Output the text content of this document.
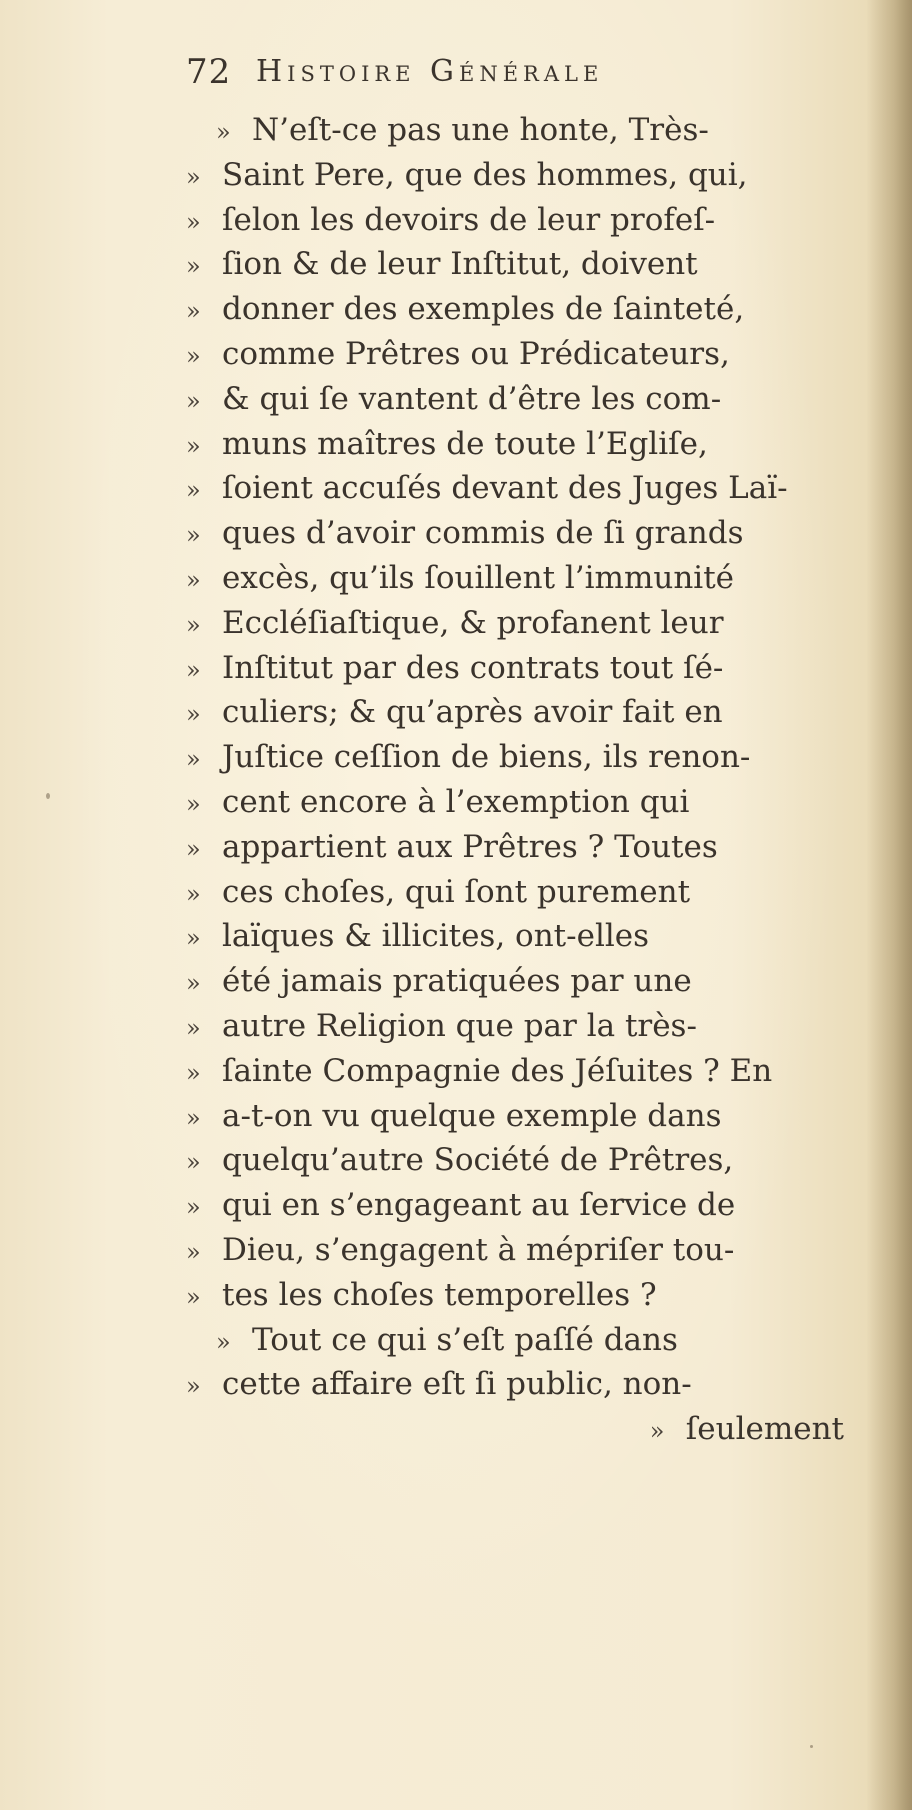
72 Histoire Générale
» N’eſt-ce pas une honte, Très-
» Saint Pere, que des hommes, qui,
» ſelon les devoirs de leur profeſ-
» ſion & de leur Inſtitut, doivent
» donner des exemples de ſainteté,
» comme Prêtres ou Prédicateurs,
» & qui ſe vantent d’être les com-
» muns maîtres de toute l’Egliſe,
» ſoient accuſés devant des Juges Laï-
» ques d’avoir commis de ſi grands
» excès, qu’ils ſouillent l’immunité
» Eccléſiaſtique, & profanent leur
» Inſtitut par des contrats tout ſé-
» culiers; & qu’après avoir fait en
» Juſtice ceſſion de biens, ils renon-
» cent encore à l’exemption qui
» appartient aux Prêtres ? Toutes
» ces choſes, qui ſont purement
» laïques & illicites, ont-elles
» été jamais pratiquées par une
» autre Religion que par la très-
» ſainte Compagnie des Jéſuites ? En
» a-t-on vu quelque exemple dans
» quelqu’autre Société de Prêtres,
» qui en s’engageant au ſervice de
» Dieu, s’engagent à mépriſer tou-
» tes les choſes temporelles ?
» Tout ce qui s’eſt paſſé dans
» cette affaire eſt ſi public, non-
» ſeulement
